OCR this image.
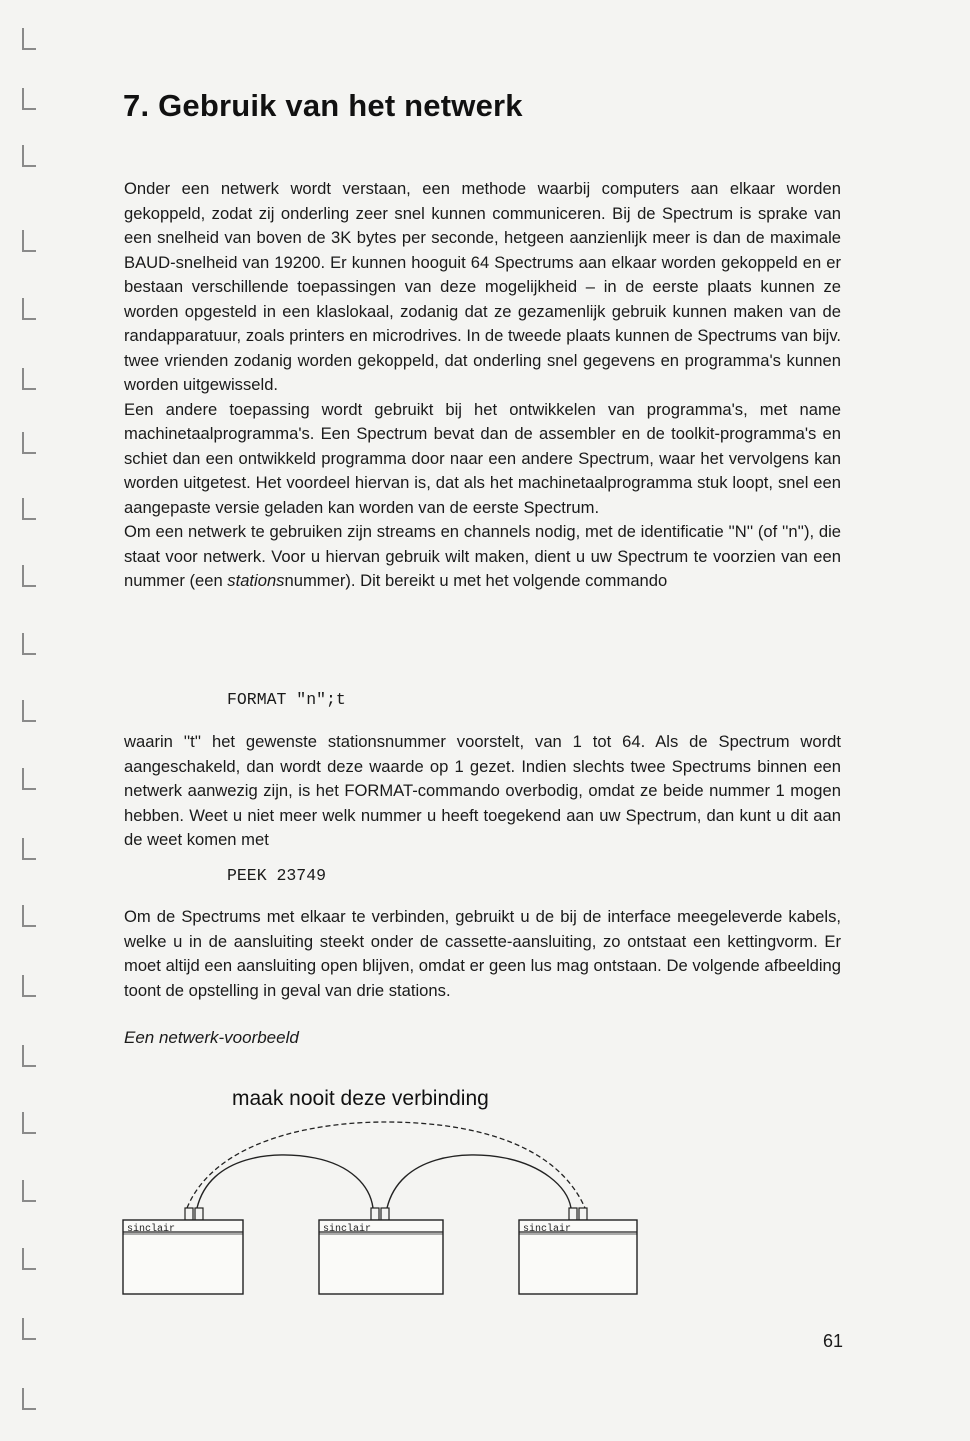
7. Gebruik van het netwerk

Onder een netwerk wordt verstaan, een methode waarbij computers aan elkaar worden gekoppeld, zodat zij onderling zeer snel kunnen communiceren. Bij de Spectrum is sprake van een snelheid van boven de 3K bytes per seconde, hetgeen aanzienlijk meer is dan de maximale BAUD-snelheid van 19200. Er kunnen hooguit 64 Spectrums aan elkaar worden gekoppeld en er bestaan verschillende toepassingen van deze mogelijkheid – in de eerste plaats kunnen ze worden opgesteld in een klaslokaal, zodanig dat ze gezamenlijk gebruik kunnen maken van de randapparatuur, zoals printers en microdrives. In de tweede plaats kunnen de Spectrums van bijv. twee vrienden zodanig worden gekoppeld, dat onderling snel gegevens en programma's kunnen worden uitgewisseld.

Een andere toepassing wordt gebruikt bij het ontwikkelen van programma's, met name machinetaalprogramma's. Een Spectrum bevat dan de assembler en de toolkit-programma's en schiet dan een ontwikkeld programma door naar een andere Spectrum, waar het vervolgens kan worden uitgetest. Het voordeel hiervan is, dat als het machinetaalprogramma stuk loopt, snel een aangepaste versie geladen kan worden van de eerste Spectrum.

Om een netwerk te gebruiken zijn streams en channels nodig, met de identificatie ''N'' (of ''n''), die staat voor netwerk. Voor u hiervan gebruik wilt maken, dient u uw Spectrum te voorzien van een nummer (een stationsnummer). Dit bereikt u met het volgende commando

FORMAT "n";t

waarin ''t'' het gewenste stationsnummer voorstelt, van 1 tot 64. Als de Spectrum wordt aangeschakeld, dan wordt deze waarde op 1 gezet. Indien slechts twee Spectrums binnen een netwerk aanwezig zijn, is het FORMAT-commando overbodig, omdat ze beide nummer 1 mogen hebben. Weet u niet meer welk nummer u heeft toegekend aan uw Spectrum, dan kunt u dit aan de weet komen met

PEEK 23749

Om de Spectrums met elkaar te verbinden, gebruikt u de bij de interface meegeleverde kabels, welke u in de aansluiting steekt onder de cassette-aansluiting, zo ontstaat een kettingvorm. Er moet altijd een aansluiting open blijven, omdat er geen lus mag ontstaan. De volgende afbeelding toont de opstelling in geval van drie stations.

Een netwerk-voorbeeld

maak nooit deze verbinding

sinclair	sinclair	sinclair

61
